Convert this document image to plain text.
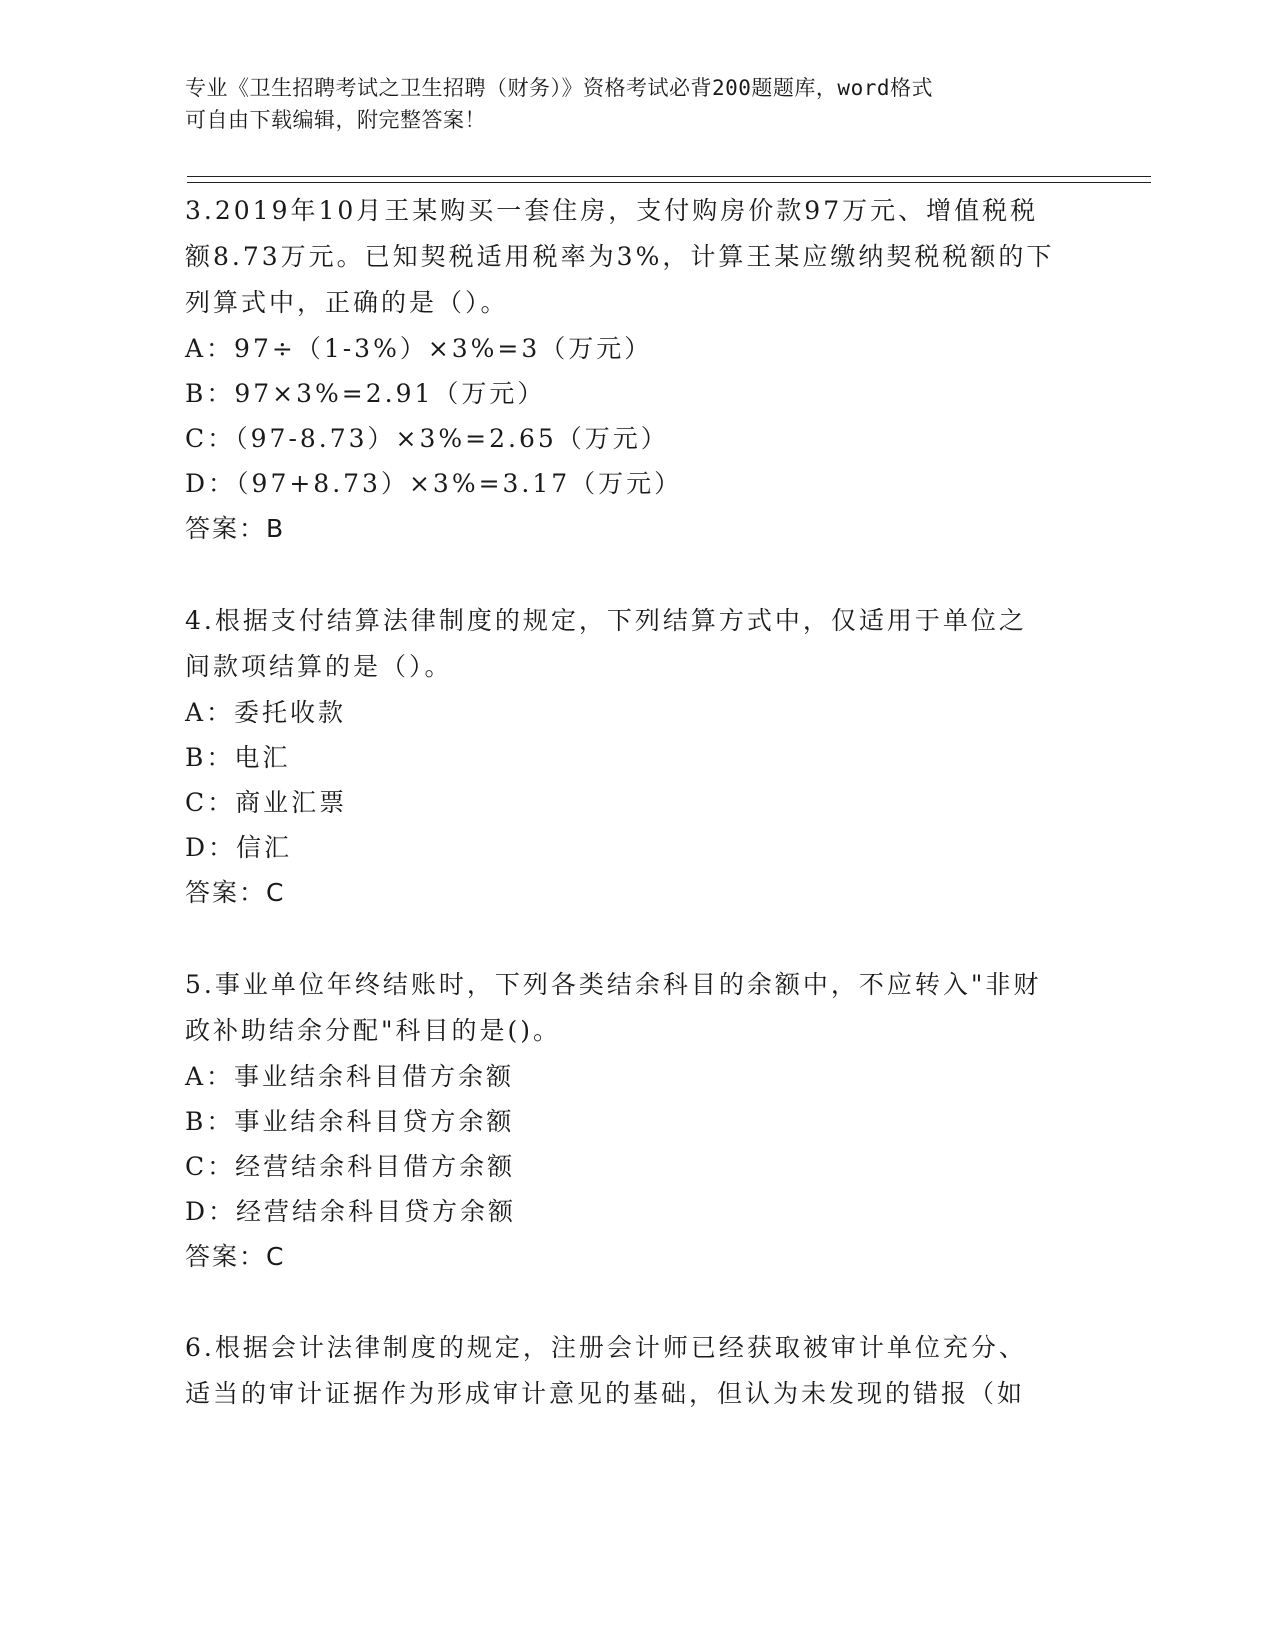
专业《卫生招聘考试之卫生招聘（财务）》资格考试必背200题题库，word格式
可自由下载编辑，附完整答案！
3.2019年10月王某购买一套住房，支付购房价款97万元、增值税税
额8.73万元。已知契税适用税率为3%，计算王某应缴纳契税税额的下
列算式中，正确的是（）。
A：97÷（1-3%）×3%=3（万元）
B：97×3%=2.91（万元）
C：（97-8.73）×3%=2.65（万元）
D：（97+8.73）×3%=3.17（万元）
答案：B
4.根据支付结算法律制度的规定，下列结算方式中，仅适用于单位之
间款项结算的是（）。
A：委托收款
B：电汇
C：商业汇票
D：信汇
答案：C
5.事业单位年终结账时，下列各类结余科目的余额中，不应转入"非财
政补助结余分配"科目的是()。
A：事业结余科目借方余额
B：事业结余科目贷方余额
C：经营结余科目借方余额
D：经营结余科目贷方余额
答案：C
6.根据会计法律制度的规定，注册会计师已经获取被审计单位充分、
适当的审计证据作为形成审计意见的基础，但认为未发现的错报（如
